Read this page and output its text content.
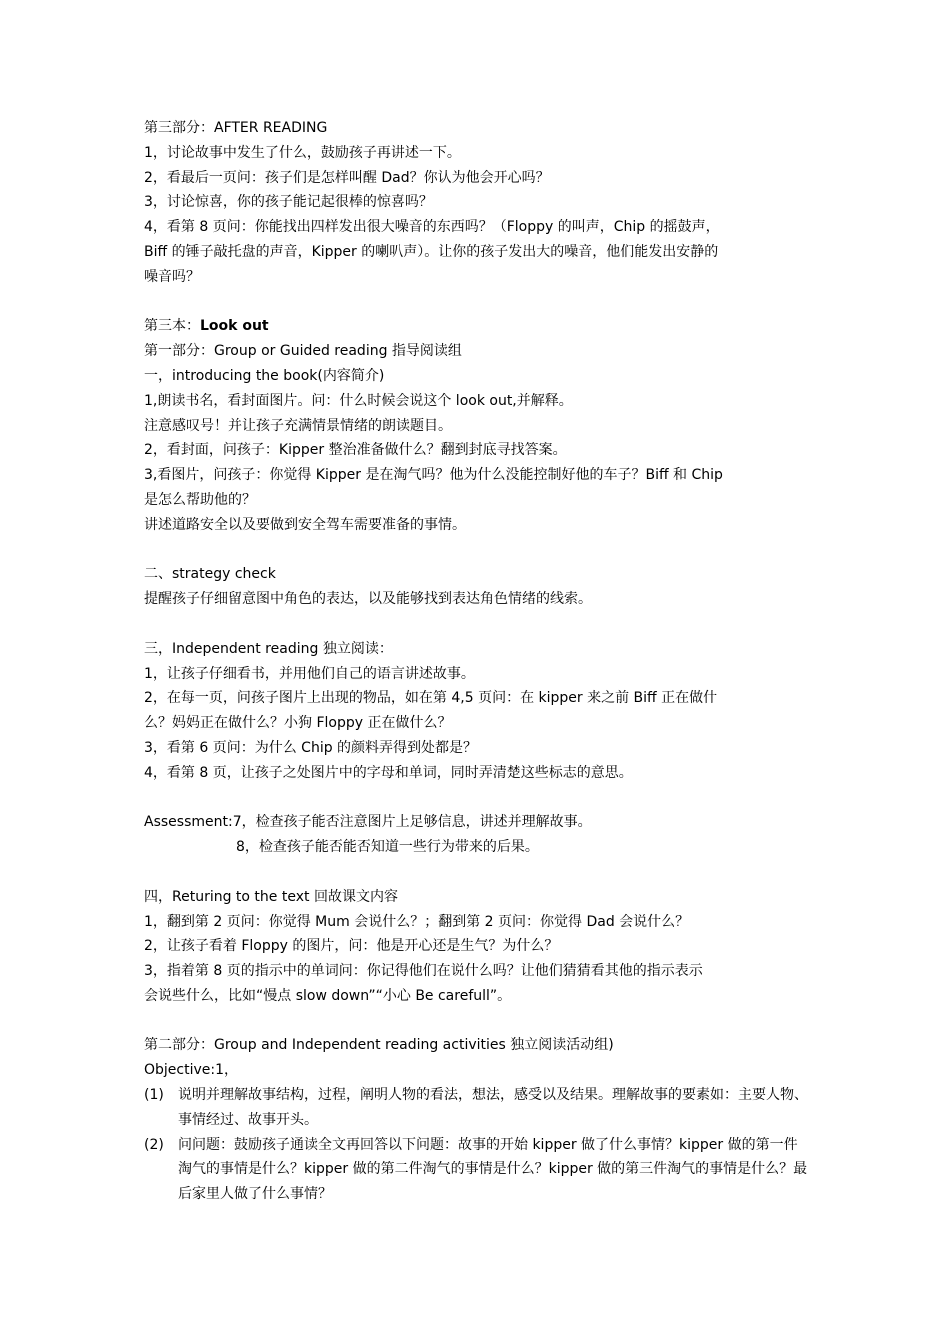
第三部分：AFTER READING
1，讨论故事中发生了什么，鼓励孩子再讲述一下。
2，看最后一页问：孩子们是怎样叫醒 Dad？你认为他会开心吗？
3，讨论惊喜，你的孩子能记起很棒的惊喜吗？
4，看第 8 页问：你能找出四样发出很大噪音的东西吗？（Floppy 的叫声，Chip 的摇鼓声，
Biff 的锤子敲托盘的声音，Kipper 的喇叭声）。让你的孩子发出大的噪音，他们能发出安静的
噪音吗？
第三本：Look out
第一部分：Group or Guided reading 指导阅读组
一，introducing the book(内容简介)
1,朗读书名，看封面图片。问：什么时候会说这个 look out,并解释。
注意感叹号！并让孩子充满情景情绪的朗读题目。
2，看封面，问孩子：Kipper 整治准备做什么？翻到封底寻找答案。
3,看图片，问孩子：你觉得 Kipper 是在淘气吗？他为什么没能控制好他的车子？Biff 和 Chip
是怎么帮助他的？
讲述道路安全以及要做到安全驾车需要准备的事情。
二、strategy check
提醒孩子仔细留意图中角色的表达，以及能够找到表达角色情绪的线索。
三，Independent reading 独立阅读：
1，让孩子仔细看书，并用他们自己的语言讲述故事。
2，在每一页，问孩子图片上出现的物品，如在第 4,5 页问：在 kipper 来之前 Biff 正在做什
么？妈妈正在做什么？小狗 Floppy 正在做什么？
3，看第 6 页问：为什么 Chip 的颜料弄得到处都是？
4，看第 8 页，让孩子之处图片中的字母和单词，同时弄清楚这些标志的意思。
Assessment:7，检查孩子能否注意图片上足够信息，讲述并理解故事。
8，检查孩子能否能否知道一些行为带来的后果。
四，Returing to the text 回故课文内容
1，翻到第 2 页问：你觉得 Mum 会说什么？；翻到第 2 页问：你觉得 Dad 会说什么？
2，让孩子看着 Floppy 的图片，问：他是开心还是生气？为什么？
3，指着第 8 页的指示中的单词问：你记得他们在说什么吗？让他们猜猜看其他的指示表示
会说些什么，比如“慢点 slow down”“小心 Be carefull”。
第二部分：Group and Independent reading activities 独立阅读活动组)
Objective:1，
(1)	说明并理解故事结构，过程，阐明人物的看法，想法，感受以及结果。理解故事的要素如：主要人物、事情经过、故事开头。
(2)	问问题：鼓励孩子通读全文再回答以下问题：故事的开始 kipper 做了什么事情？kipper 做的第一件淘气的事情是什么？kipper 做的第二件淘气的事情是什么？kipper 做的第三件淘气的事情是什么？最后家里人做了什么事情？
